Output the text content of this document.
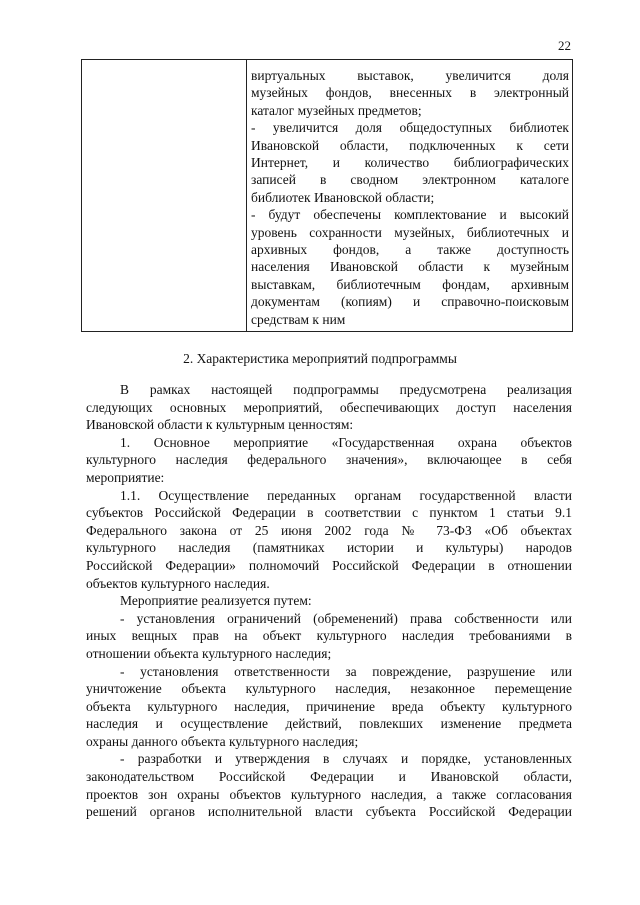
22
виртуальных выставок, увеличится доля
музейных фондов, внесенных в электронный
каталог музейных предметов;
- увеличится доля общедоступных библиотек
Ивановской области, подключенных к сети
Интернет, и количество библиографических
записей в сводном электронном каталоге
библиотек Ивановской области;
- будут обеспечены комплектование и высокий
уровень сохранности музейных, библиотечных и
архивных фондов, а также доступность
населения Ивановской области к музейным
выставкам, библиотечным фондам, архивным
документам (копиям) и справочно-поисковым
средствам к ним
2. Характеристика мероприятий подпрограммы
В рамках настоящей подпрограммы предусмотрена реализация
следующих основных мероприятий, обеспечивающих доступ населения
Ивановской области к культурным ценностям:
1. Основное мероприятие «Государственная охрана объектов
культурного наследия федерального значения», включающее в себя
мероприятие:
1.1. Осуществление переданных органам государственной власти
субъектов Российской Федерации в соответствии с пунктом 1 статьи 9.1
Федерального закона от 25 июня 2002 года № 73-ФЗ «Об объектах
культурного наследия (памятниках истории и культуры) народов
Российской Федерации» полномочий Российской Федерации в отношении
объектов культурного наследия.
Мероприятие реализуется путем:
- установления ограничений (обременений) права собственности или
иных вещных прав на объект культурного наследия требованиями в
отношении объекта культурного наследия;
- установления ответственности за повреждение, разрушение или
уничтожение объекта культурного наследия, незаконное перемещение
объекта культурного наследия, причинение вреда объекту культурного
наследия и осуществление действий, повлекших изменение предмета
охраны данного объекта культурного наследия;
- разработки и утверждения в случаях и порядке, установленных
законодательством Российской Федерации и Ивановской области,
проектов зон охраны объектов культурного наследия, а также согласования
решений органов исполнительной власти субъекта Российской Федерации
